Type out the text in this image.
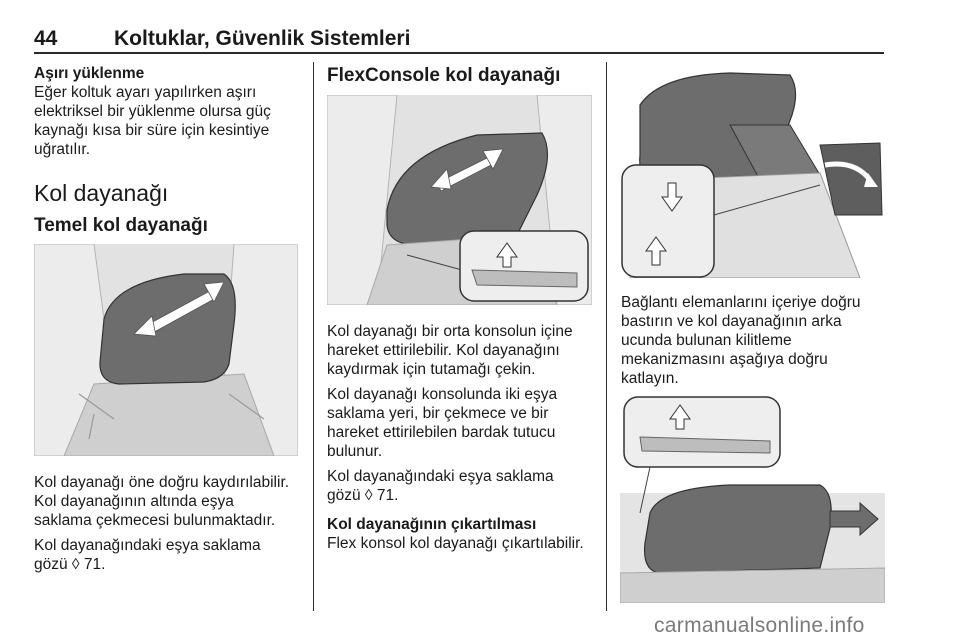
44	Koltuklar, Güvenlik Sistemleri

Aşırı yüklenme

Eğer koltuk ayarı yapılırken aşırı

elektriksel bir yüklenme olursa güç

kaynağı kısa bir süre için kesintiye

uğratılır.

Kol dayanağı
Temel kol dayanağı

Kol dayanağı öne doğru kaydırılabilir.

Kol dayanağının altında eşya

saklama çekmecesi bulunmaktadır.

Kol dayanağındaki eşya saklama

gözü ◊ 71.

FlexConsole kol dayanağı

Kol dayanağı bir orta konsolun içine

hareket ettirilebilir. Kol dayanağını

kaydırmak için tutamağı çekin.

Kol dayanağı konsolunda iki eşya

saklama yeri, bir çekmece ve bir

hareket ettirilebilen bardak tutucu

bulunur.

Kol dayanağındaki eşya saklama

gözü ◊ 71.

Kol dayanağının çıkartılması

Flex konsol kol dayanağı çıkartılabilir.

Bağlantı elemanlarını içeriye doğru

bastırın ve kol dayanağının arka

ucunda bulunan kilitleme

mekanizmasını aşağıya doğru

katlayın.

carmanualsonline.info
